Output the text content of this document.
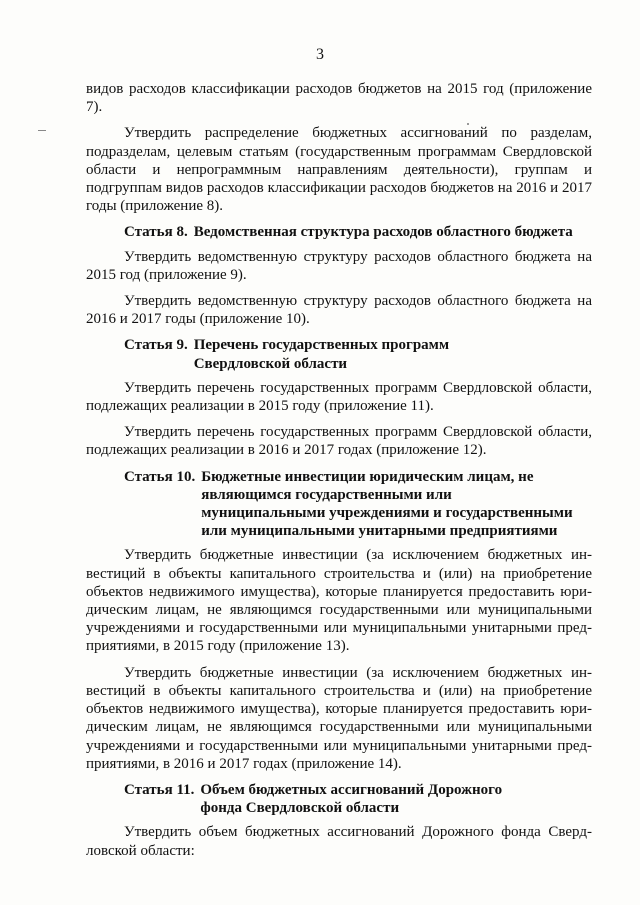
3

видов расходов классификации расходов бюджетов на 2015 год (приложение 7).

Утвердить распределение бюджетных ассигнований по разделам, подразделам, целевым статьям (государственным программам Свердловской области и непрограммным направлениям деятельности), группам и подгруппам видов расходов классификации расходов бюджетов на 2016 и 2017 годы (приложение 8).

Статья 8. Ведомственная структура расходов областного бюджета

Утвердить ведомственную структуру расходов областного бюджета на 2015 год (приложение 9).

Утвердить ведомственную структуру расходов областного бюджета на 2016 и 2017 годы (приложение 10).

Статья 9. Перечень государственных программ Свердловской области

Утвердить перечень государственных программ Свердловской области, подлежащих реализации в 2015 году (приложение 11).

Утвердить перечень государственных программ Свердловской области, подлежащих реализации в 2016 и 2017 годах (приложение 12).

Статья 10. Бюджетные инвестиции юридическим лицам, не являющимся государственными или муниципальными учреждениями и государственными или муниципальными унитарными предприятиями

Утвердить бюджетные инвестиции (за исключением бюджетных инвестиций в объекты капитального строительства и (или) на приобретение объектов недвижимого имущества), которые планируется предоставить юридическим лицам, не являющимся государственными или муниципальными учреждениями и государственными или муниципальными унитарными предприятиями, в 2015 году (приложение 13).

Утвердить бюджетные инвестиции (за исключением бюджетных инвестиций в объекты капитального строительства и (или) на приобретение объектов недвижимого имущества), которые планируется предоставить юридическим лицам, не являющимся государственными или муниципальными учреждениями и государственными или муниципальными унитарными предприятиями, в 2016 и 2017 годах (приложение 14).

Статья 11. Объем бюджетных ассигнований Дорожного фонда Свердловской области

Утвердить объем бюджетных ассигнований Дорожного фонда Свердловской области:
